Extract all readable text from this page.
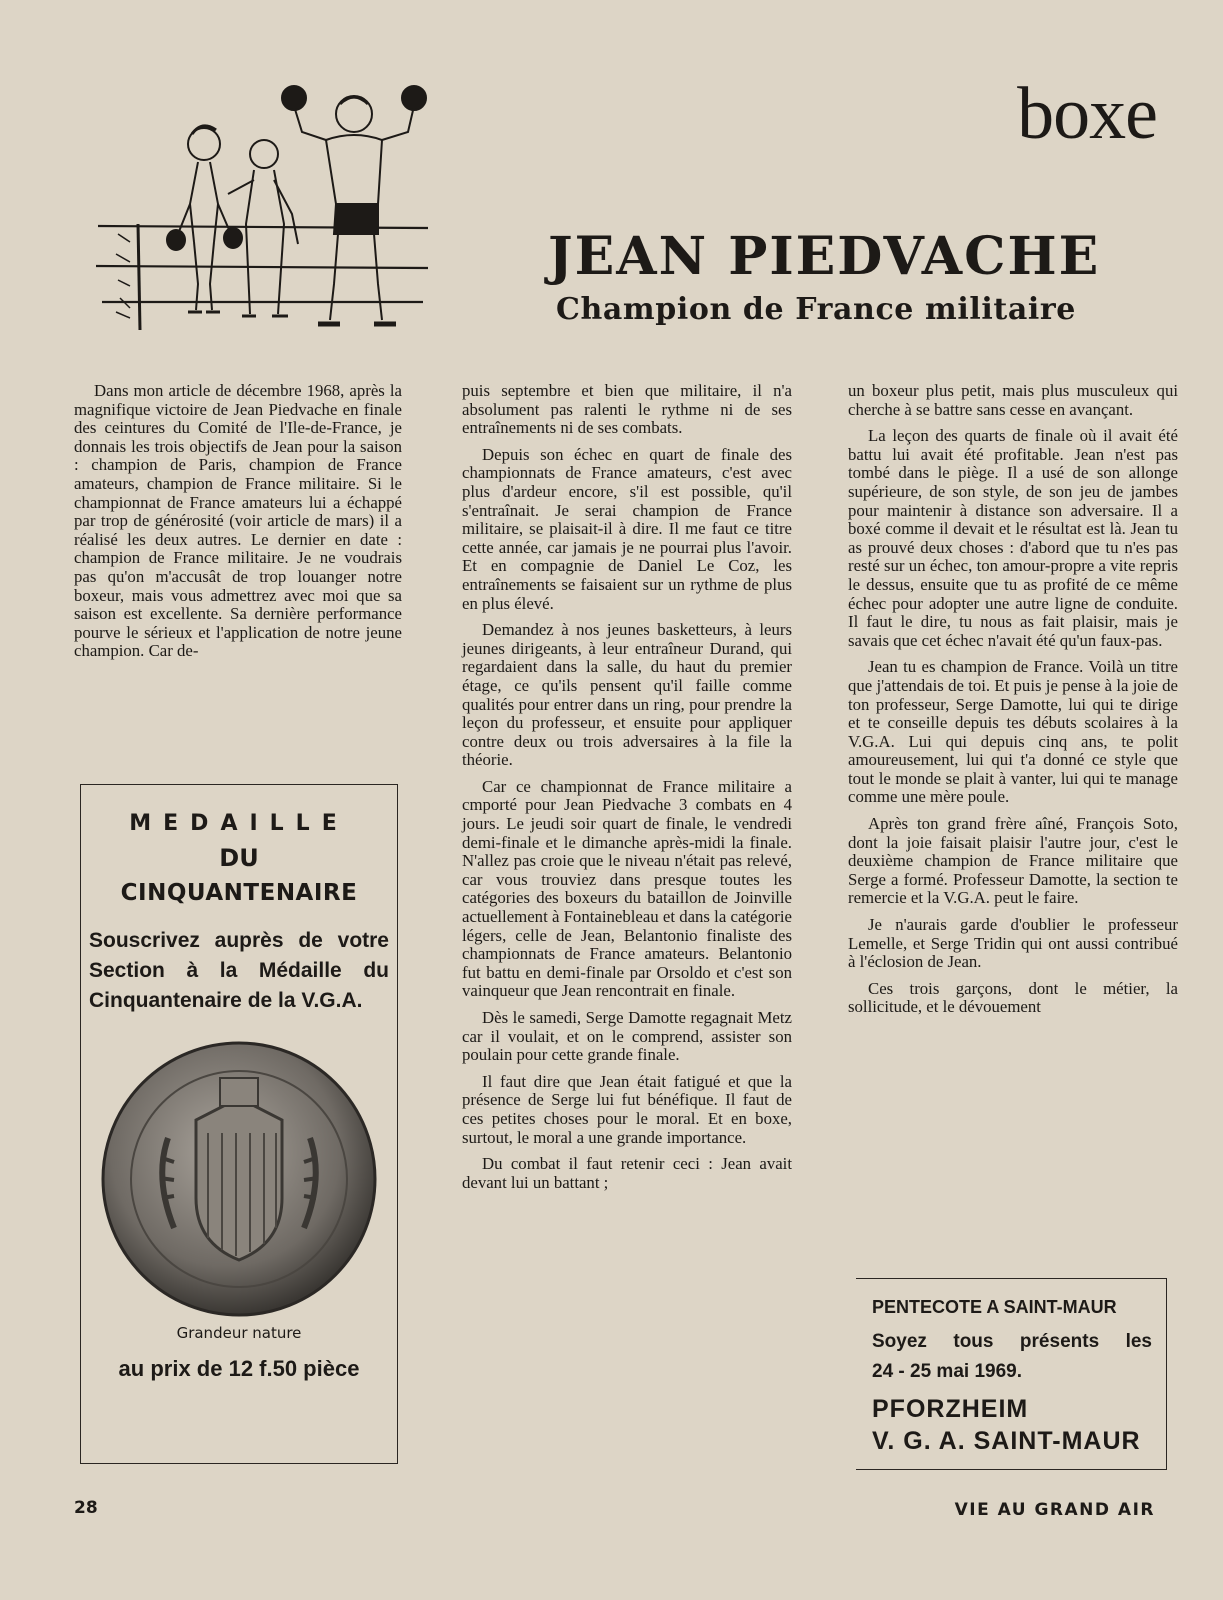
boxe
JEAN PIEDVACHE
Champion de France militaire

Dans mon article de décembre 1968, après la magnifique victoire de Jean Piedvache en finale des ceintures du Comité de l'Ile-de-France, je donnais les trois objectifs de Jean pour la saison : champion de Paris, champion de France amateurs, champion de France militaire. Si le championnat de France amateurs lui a échappé par trop de générosité (voir article de mars) il a réalisé les deux autres. Le dernier en date : champion de France militaire. Je ne voudrais pas qu'on m'accusât de trop louanger notre boxeur, mais vous admettrez avec moi que sa saison est excellente. Sa dernière performance pourve le sérieux et l'application de notre jeune champion. Car de-

puis septembre et bien que militaire, il n'a absolument pas ralenti le rythme ni de ses entraînements ni de ses combats.

Depuis son échec en quart de finale des championnats de France amateurs, c'est avec plus d'ardeur encore, s'il est possible, qu'il s'entraînait. Je serai champion de France militaire, se plaisait-il à dire. Il me faut ce titre cette année, car jamais je ne pourrai plus l'avoir. Et en compagnie de Daniel Le Coz, les entraînements se faisaient sur un rythme de plus en plus élevé.

Demandez à nos jeunes basketteurs, à leurs jeunes dirigeants, à leur entraîneur Durand, qui regardaient dans la salle, du haut du premier étage, ce qu'ils pensent qu'il faille comme qualités pour entrer dans un ring, pour prendre la leçon du professeur, et ensuite pour appliquer contre deux ou trois adversaires à la file la théorie.

Car ce championnat de France militaire a cmporté pour Jean Piedvache 3 combats en 4 jours. Le jeudi soir quart de finale, le vendredi demi-finale et le dimanche après-midi la finale. N'allez pas croie que le niveau n'était pas relevé, car vous trouviez dans presque toutes les catégories des boxeurs du bataillon de Joinville actuellement à Fontainebleau et dans la catégorie légers, celle de Jean, Belantonio finaliste des championnats de France amateurs. Belantonio fut battu en demi-finale par Orsoldo et c'est son vainqueur que Jean rencontrait en finale.

Dès le samedi, Serge Damotte regagnait Metz car il voulait, et on le comprend, assister son poulain pour cette grande finale.

Il faut dire que Jean était fatigué et que la présence de Serge lui fut bénéfique. Il faut de ces petites choses pour le moral. Et en boxe, surtout, le moral a une grande importance.

Du combat il faut retenir ceci : Jean avait devant lui un battant ;

un boxeur plus petit, mais plus musculeux qui cherche à se battre sans cesse en avançant.

La leçon des quarts de finale où il avait été battu lui avait été profitable. Jean n'est pas tombé dans le piège. Il a usé de son allonge supérieure, de son style, de son jeu de jambes pour maintenir à distance son adversaire. Il a boxé comme il devait et le résultat est là. Jean tu as prouvé deux choses : d'abord que tu n'es pas resté sur un échec, ton amour-propre a vite repris le dessus, ensuite que tu as profité de ce même échec pour adopter une autre ligne de conduite. Il faut le dire, tu nous as fait plaisir, mais je savais que cet échec n'avait été qu'un faux-pas.

Jean tu es champion de France. Voilà un titre que j'attendais de toi. Et puis je pense à la joie de ton professeur, Serge Damotte, lui qui te dirige et te conseille depuis tes débuts scolaires à la V.G.A. Lui qui depuis cinq ans, te polit amoureusement, lui qui t'a donné ce style que tout le monde se plait à vanter, lui qui te manage comme une mère poule.

Après ton grand frère aîné, François Soto, dont la joie faisait plaisir l'autre jour, c'est le deuxième champion de France militaire que Serge a formé. Professeur Damotte, la section te remercie et la V.G.A. peut le faire.

Je n'aurais garde d'oublier le professeur Lemelle, et Serge Tridin qui ont aussi contribué à l'éclosion de Jean.

Ces trois garçons, dont le métier, la sollicitude, et le dévouement

MEDAILLE
DU
CINQUANTENAIRE
Souscrivez auprès de votre Section à la Médaille du Cinquantenaire de la V.G.A.
Grandeur nature
au prix de 12 f.50 pièce
PENTECOTE A SAINT-MAUR
Soyez tous présents les
24 - 25 mai 1969.
PFORZHEIM
V. G. A. SAINT-MAUR
28	VIE AU GRAND AIR
